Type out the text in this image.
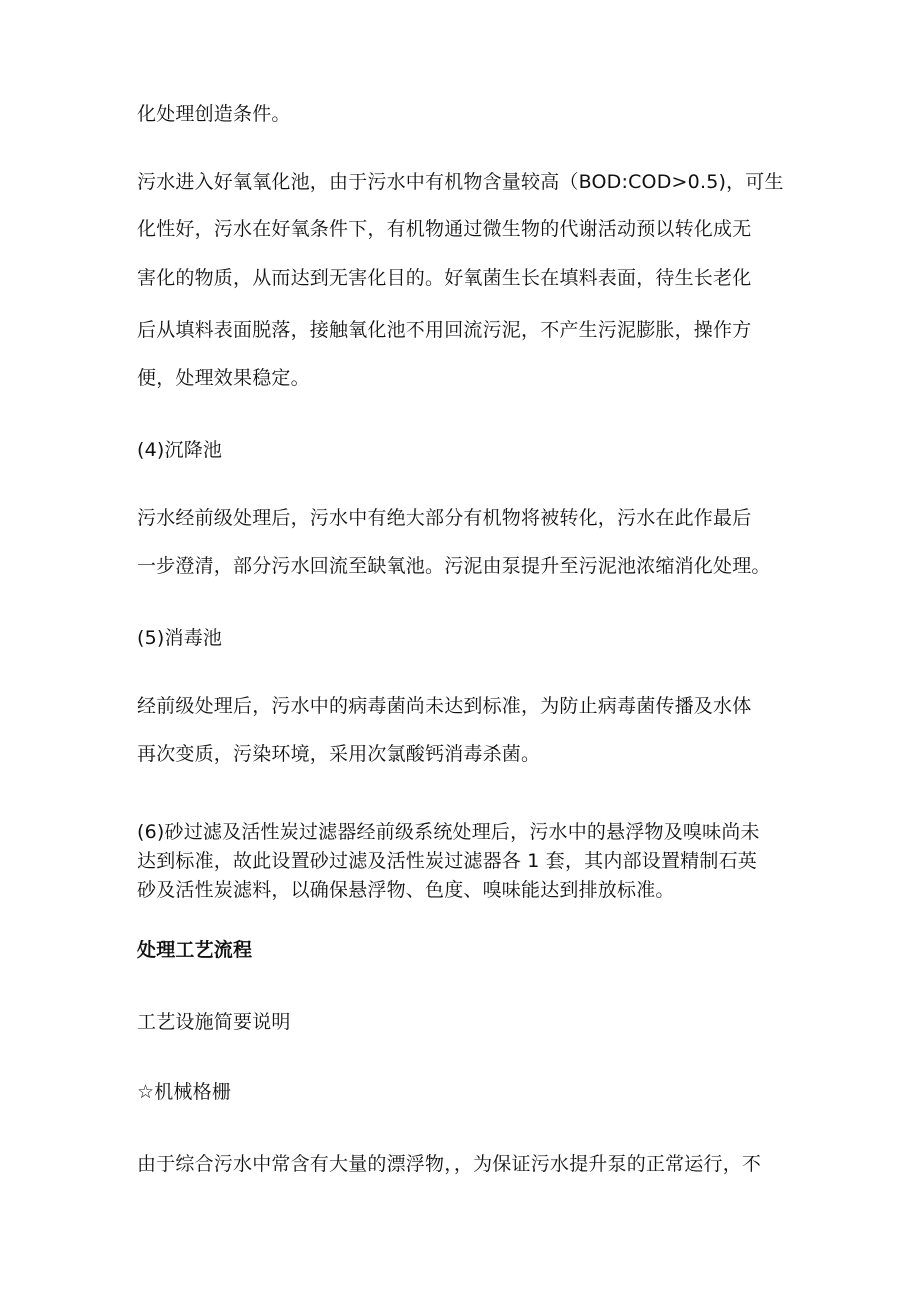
化处理创造条件。
污水进入好氧氧化池，由于污水中有机物含量较高（BOD:COD>0.5)，可生
化性好，污水在好氧条件下，有机物通过微生物的代谢活动预以转化成无
害化的物质，从而达到无害化目的。好氧菌生长在填料表面，待生长老化
后从填料表面脱落，接触氧化池不用回流污泥，不产生污泥膨胀，操作方
便，处理效果稳定。
(4)沉降池
污水经前级处理后，污水中有绝大部分有机物将被转化，污水在此作最后
一步澄清，部分污水回流至缺氧池。污泥由泵提升至污泥池浓缩消化处理。
(5)消毒池
经前级处理后，污水中的病毒菌尚未达到标准，为防止病毒菌传播及水体
再次变质，污染环境，采用次氯酸钙消毒杀菌。
(6)砂过滤及活性炭过滤器经前级系统处理后，污水中的悬浮物及嗅味尚未
达到标准，故此设置砂过滤及活性炭过滤器各 1 套，其内部设置精制石英
砂及活性炭滤料，以确保悬浮物、色度、嗅味能达到排放标准。
处理工艺流程
工艺设施简要说明
☆机械格栅
由于综合污水中常含有大量的漂浮物，，为保证污水提升泵的正常运行，不
